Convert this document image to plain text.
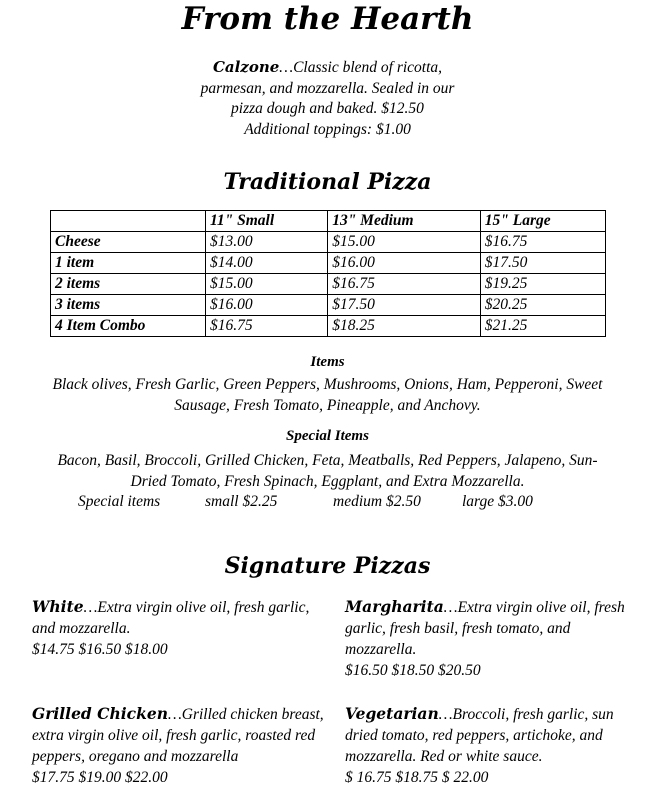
From the Hearth
Calzone…Classic blend of ricotta,
parmesan, and mozzarella. Sealed in our
pizza dough and baked. $12.50
Additional toppings: $1.00
Traditional Pizza
	11" Small	13" Medium	15" Large
Cheese	$13.00	$15.00	$16.75
1 item	$14.00	$16.00	$17.50
2 items	$15.00	$16.75	$19.25
3 items	$16.00	$17.50	$20.25
4 Item Combo	$16.75	$18.25	$21.25
Items
Black olives, Fresh Garlic, Green Peppers, Mushrooms, Onions, Ham, Pepperoni, Sweet
Sausage, Fresh Tomato, Pineapple, and Anchovy.
Special Items
Bacon, Basil, Broccoli, Grilled Chicken, Feta, Meatballs, Red Peppers, Jalapeno, Sun-
Dried Tomato, Fresh Spinach, Eggplant, and Extra Mozzarella.
Special items	small $2.25	medium $2.50	large $3.00
Signature Pizzas
White…Extra virgin olive oil, fresh garlic,
and mozzarella.
$14.75 $16.50 $18.00
Margharita…Extra virgin olive oil, fresh
garlic, fresh basil, fresh tomato, and
mozzarella.
$16.50 $18.50 $20.50
Grilled Chicken…Grilled chicken breast,
extra virgin olive oil, fresh garlic, roasted red
peppers, oregano and mozzarella
$17.75 $19.00 $22.00
Vegetarian…Broccoli, fresh garlic, sun
dried tomato, red peppers, artichoke, and
mozzarella. Red or white sauce.
$ 16.75 $18.75 $ 22.00
